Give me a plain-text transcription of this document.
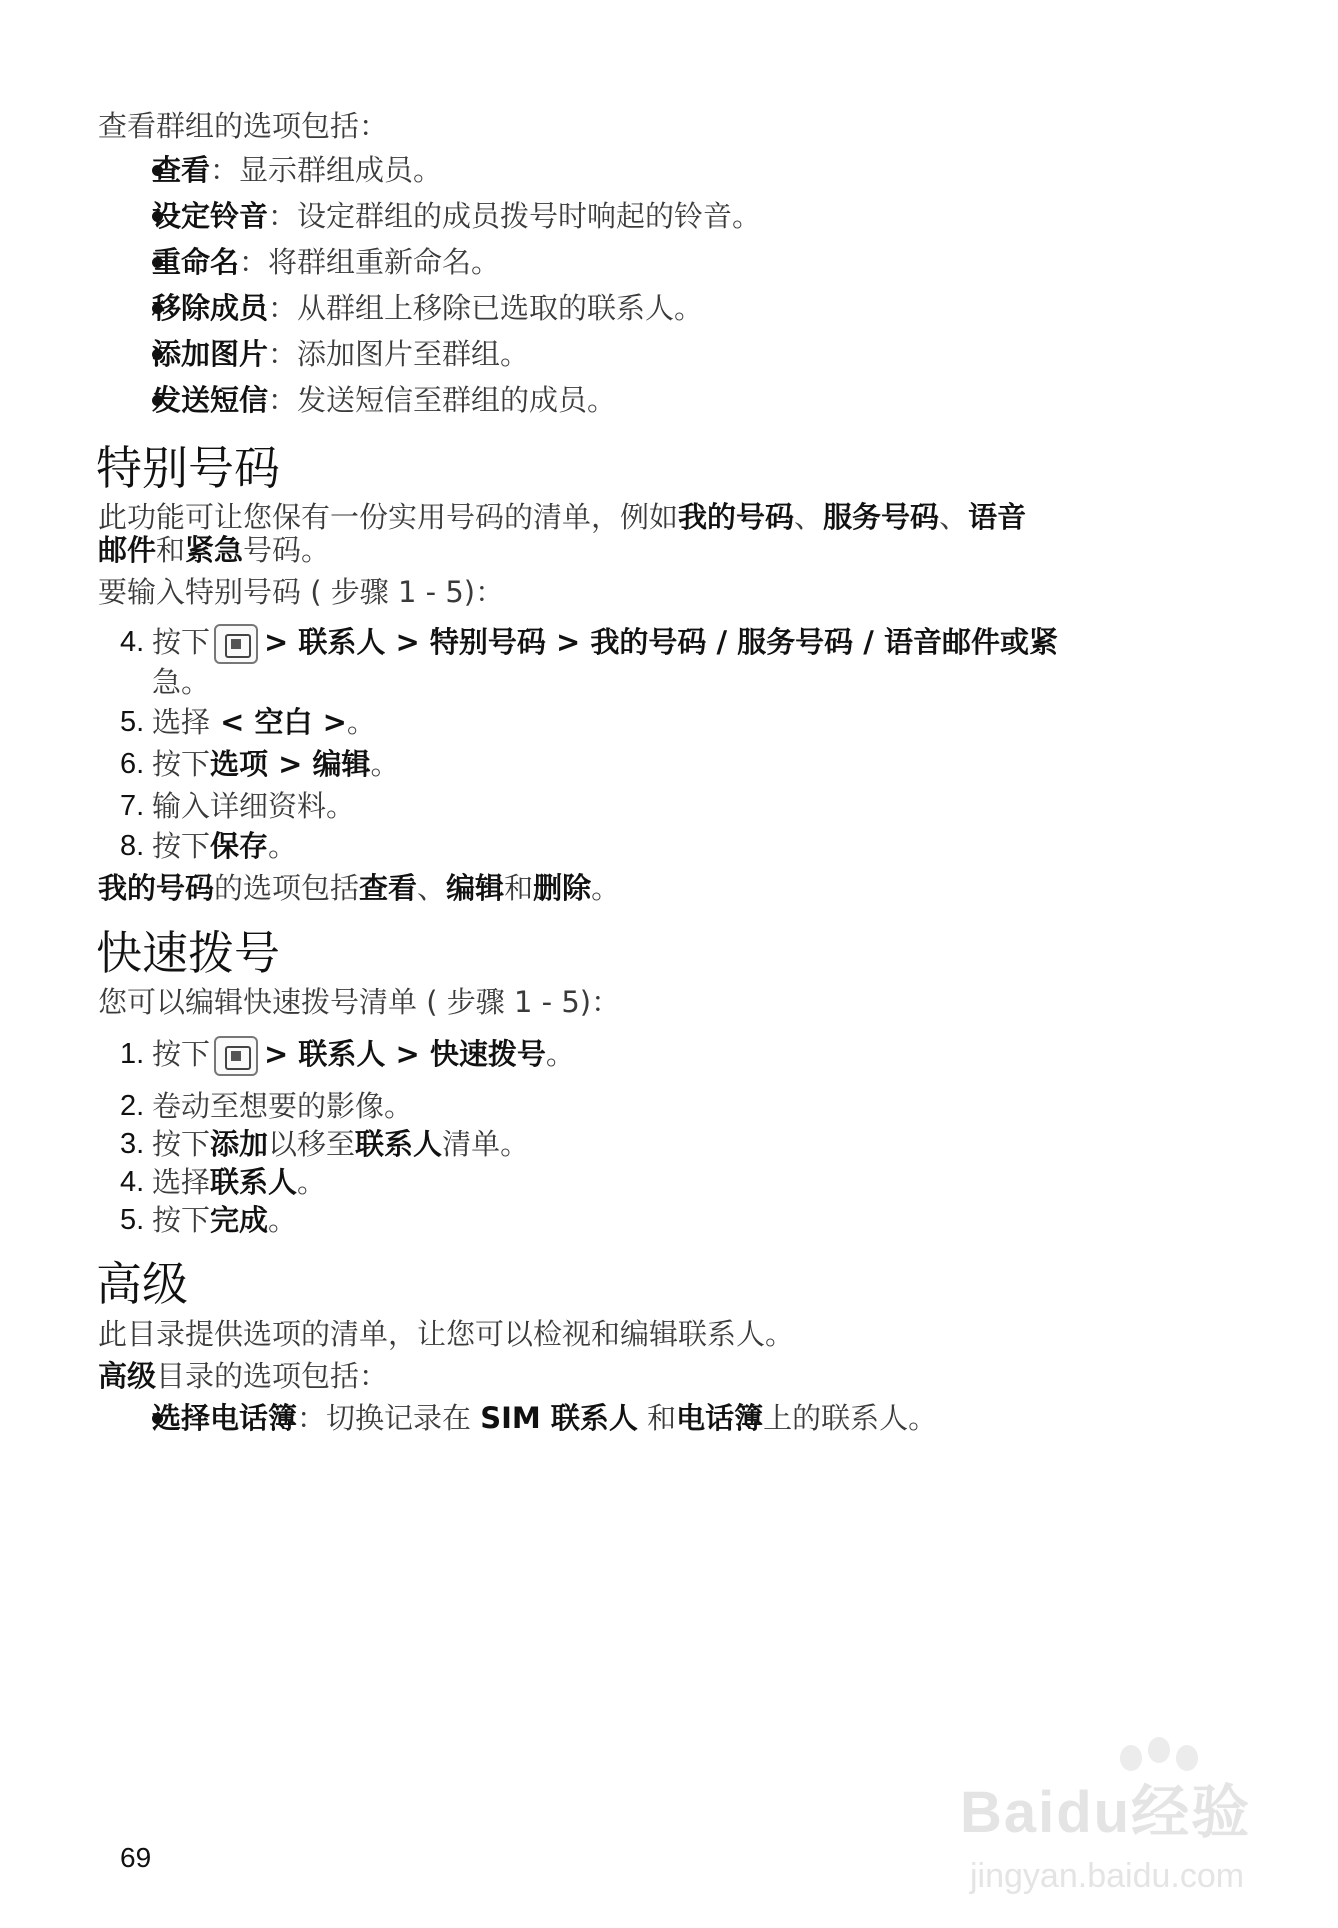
查看群组的选项包括：
查看：显示群组成员。
设定铃音：设定群组的成员拨号时响起的铃音。
重命名：将群组重新命名。
移除成员：从群组上移除已选取的联系人。
添加图片：添加图片至群组。
发送短信：发送短信至群组的成员。
特别号码
此功能可让您保有一份实用号码的清单，例如我的号码、服务号码、语音
邮件和紧急号码。
要输入特别号码 ( 步骤 1 - 5)：
4. 按下 > 联系人 > 特别号码 > 我的号码 / 服务号码 / 语音邮件或紧
急。
5. 选择 < 空白 >。
6. 按下选项 > 编辑。
7. 输入详细资料。
8. 按下保存。
我的号码的选项包括查看、编辑和删除。
快速拨号
您可以编辑快速拨号清单 ( 步骤 1 - 5)：
1. 按下 > 联系人 > 快速拨号。
2. 卷动至想要的影像。
3. 按下添加以移至联系人清单。
4. 选择联系人。
5. 按下完成。
高级
此目录提供选项的清单，让您可以检视和编辑联系人。
高级目录的选项包括：
选择电话簿：切换记录在 SIM 联系人 和电话簿上的联系人。
69
Baidu经验
jingyan.baidu.com
